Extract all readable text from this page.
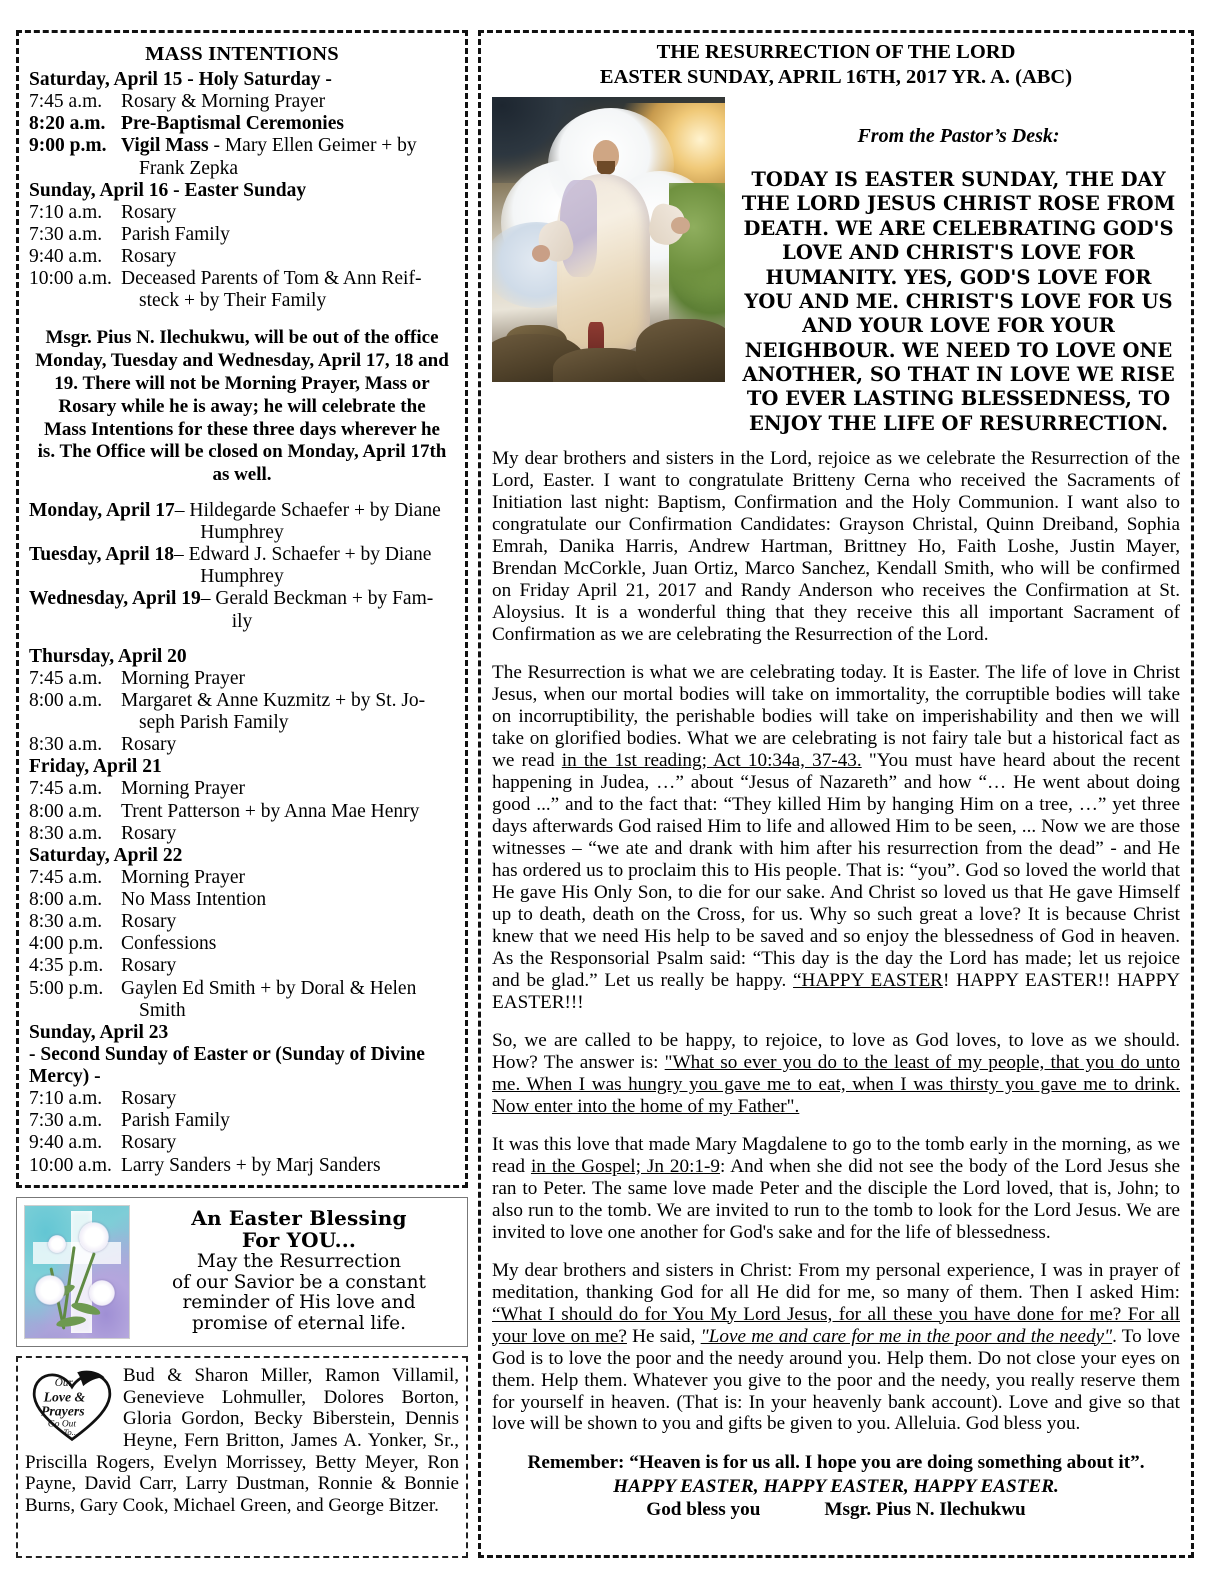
MASS INTENTIONS
Saturday, April 15 - Holy Saturday -
7:45 a.m. Rosary & Morning Prayer
8:20 a.m. Pre-Baptismal Ceremonies
9:00 p.m. Vigil Mass - Mary Ellen Geimer + by
Frank Zepka
Sunday, April 16 - Easter Sunday
7:10 a.m. Rosary
7:30 a.m. Parish Family
9:40 a.m. Rosary
10:00 a.m. Deceased Parents of Tom & Ann Reif-
steck + by Their Family
Msgr. Pius N. Ilechukwu, will be out of the office Monday, Tuesday and Wednesday, April 17, 18 and 19. There will not be Morning Prayer, Mass or Rosary while he is away; he will celebrate the Mass Intentions for these three days wherever he is. The Office will be closed on Monday, April 17th as well.
Monday, April 17– Hildegarde Schaefer + by Diane
Humphrey
Tuesday, April 18– Edward J. Schaefer + by Diane
Humphrey
Wednesday, April 19– Gerald Beckman + by Fam-
ily
Thursday, April 20
7:45 a.m. Morning Prayer
8:00 a.m. Margaret & Anne Kuzmitz + by St. Jo-
seph Parish Family
8:30 a.m. Rosary
Friday, April 21
7:45 a.m. Morning Prayer
8:00 a.m. Trent Patterson + by Anna Mae Henry
8:30 a.m. Rosary
Saturday, April 22
7:45 a.m. Morning Prayer
8:00 a.m. No Mass Intention
8:30 a.m. Rosary
4:00 p.m. Confessions
4:35 p.m. Rosary
5:00 p.m. Gaylen Ed Smith + by Doral & Helen
Smith
Sunday, April 23
- Second Sunday of Easter or (Sunday of Divine
Mercy) -
7:10 a.m. Rosary
7:30 a.m. Parish Family
9:40 a.m. Rosary
10:00 a.m. Larry Sanders + by Marj Sanders
An Easter Blessing
For YOU...
May the Resurrection
of our Savior be a constant
reminder of His love and
promise of eternal life.
Our
Love &
Prayers
Go Out
To...
Bud & Sharon Miller, Ramon Villamil, Genevieve Lohmuller, Dolores Borton, Gloria Gordon, Becky Biberstein, Dennis Heyne, Fern Britton, James A. Yonker, Sr., Priscilla Rogers, Evelyn Morrissey, Betty Meyer, Ron Payne, David Carr, Larry Dustman, Ronnie & Bonnie Burns, Gary Cook, Michael Green, and George Bitzer.
THE RESURRECTION OF THE LORD
EASTER SUNDAY, APRIL 16TH, 2017 YR. A. (ABC)
From the Pastor’s Desk:
TODAY IS EASTER SUNDAY, THE DAY THE LORD JESUS CHRIST ROSE FROM DEATH. WE ARE CELEBRATING GOD'S LOVE AND CHRIST'S LOVE FOR HUMANITY. YES, GOD'S LOVE FOR YOU AND ME. CHRIST'S LOVE FOR US AND YOUR LOVE FOR YOUR NEIGHBOUR. WE NEED TO LOVE ONE ANOTHER, SO THAT IN LOVE WE RISE TO EVER LASTING BLESSEDNESS, TO ENJOY THE LIFE OF RESURRECTION.
My dear brothers and sisters in the Lord, rejoice as we celebrate the Resurrection of the Lord, Easter. I want to congratulate Britteny Cerna who received the Sacraments of Initiation last night: Baptism, Confirmation and the Holy Communion. I want also to congratulate our Confirmation Candidates: Grayson Christal, Quinn Dreiband, Sophia Emrah, Danika Harris, Andrew Hartman, Brittney Ho, Faith Loshe, Justin Mayer, Brendan McCorkle, Juan Ortiz, Marco Sanchez, Kendall Smith, who will be confirmed on Friday April 21, 2017 and Randy Anderson who receives the Confirmation at St. Aloysius. It is a wonderful thing that they receive this all important Sacrament of Confirmation as we are celebrating the Resurrection of the Lord.
The Resurrection is what we are celebrating today. It is Easter. The life of love in Christ Jesus, when our mortal bodies will take on immortality, the corruptible bodies will take on incorruptibility, the perishable bodies will take on imperishability and then we will take on glorified bodies. What we are celebrating is not fairy tale but a historical fact as we read in the 1st reading; Act 10:34a, 37-43. "You must have heard about the recent happening in Judea, …” about “Jesus of Nazareth” and how “… He went about doing good ...” and to the fact that: “They killed Him by hanging Him on a tree, …” yet three days afterwards God raised Him to life and allowed Him to be seen, ... Now we are those witnesses – “we ate and drank with him after his resurrection from the dead” - and He has ordered us to proclaim this to His people. That is: “you”. God so loved the world that He gave His Only Son, to die for our sake. And Christ so loved us that He gave Himself up to death, death on the Cross, for us. Why so such great a love? It is because Christ knew that we need His help to be saved and so enjoy the blessedness of God in heaven. As the Responsorial Psalm said: “This day is the day the Lord has made; let us rejoice and be glad.” Let us really be happy. “HAPPY EASTER! HAPPY EASTER!! HAPPY EASTER!!!
So, we are called to be happy, to rejoice, to love as God loves, to love as we should. How? The answer is: "What so ever you do to the least of my people, that you do unto me. When I was hungry you gave me to eat, when I was thirsty you gave me to drink. Now enter into the home of my Father".
It was this love that made Mary Magdalene to go to the tomb early in the morning, as we read in the Gospel; Jn 20:1-9: And when she did not see the body of the Lord Jesus she ran to Peter. The same love made Peter and the disciple the Lord loved, that is, John; to also run to the tomb. We are invited to run to the tomb to look for the Lord Jesus. We are invited to love one another for God's sake and for the life of blessedness.
My dear brothers and sisters in Christ: From my personal experience, I was in prayer of meditation, thanking God for all He did for me, so many of them. Then I asked Him: “What I should do for You My Lord Jesus, for all these you have done for me? For all your love on me? He said, "Love me and care for me in the poor and the needy". To love God is to love the poor and the needy around you. Help them. Do not close your eyes on them. Help them. Whatever you give to the poor and the needy, you really reserve them for yourself in heaven. (That is: In your heavenly bank account). Love and give so that love will be shown to you and gifts be given to you. Alleluia. God bless you.
Remember: “Heaven is for us all. I hope you are doing something about it”.
HAPPY EASTER, HAPPY EASTER, HAPPY EASTER.
God bless you	Msgr. Pius N. Ilechukwu
